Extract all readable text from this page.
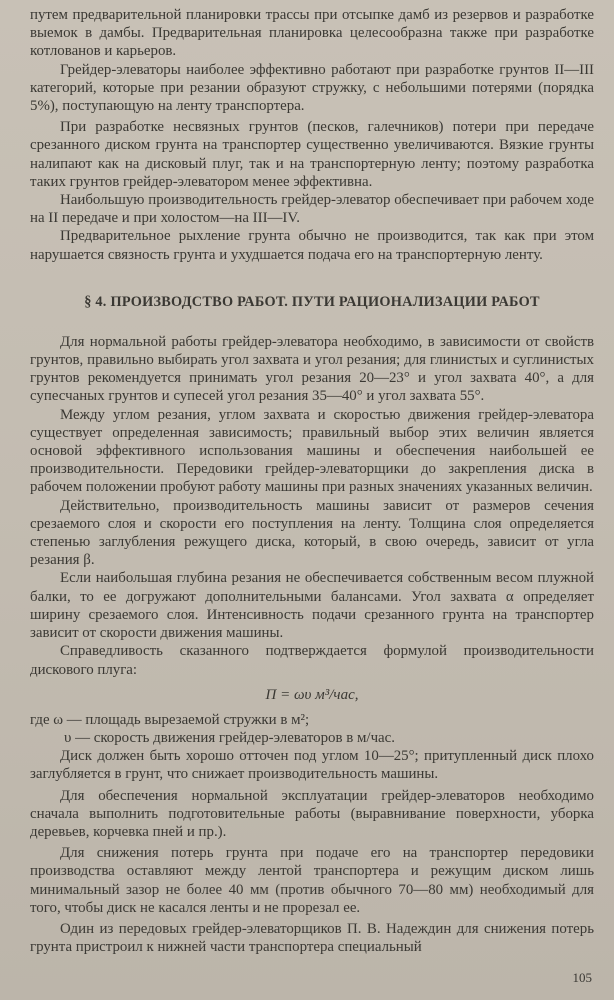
путем предварительной планировки трассы при отсыпке дамб из резервов и разработке выемок в дамбы. Предварительная планировка целесообразна также при разработке котлованов и карьеров.

Грейдер-элеваторы наиболее эффективно работают при разработке грунтов II—III категорий, которые при резании образуют стружку, с небольшими потерями (порядка 5%), поступающую на ленту транспортера.

При разработке несвязных грунтов (песков, галечников) потери при передаче срезанного диском грунта на транспортер существенно увеличиваются. Вязкие грунты налипают как на дисковый плуг, так и на транспортерную ленту; поэтому разработка таких грунтов грейдер-элеватором менее эффективна.

Наибольшую производительность грейдер-элеватор обеспечивает при рабочем ходе на II передаче и при холостом—на III—IV.

Предварительное рыхление грунта обычно не производится, так как при этом нарушается связность грунта и ухудшается подача его на транспортерную ленту.

§ 4. ПРОИЗВОДСТВО РАБОТ. ПУТИ РАЦИОНАЛИЗАЦИИ РАБОТ

Для нормальной работы грейдер-элеватора необходимо, в зависимости от свойств грунтов, правильно выбирать угол захвата и угол резания; для глинистых и суглинистых грунтов рекомендуется принимать угол резания 20—23° и угол захвата 40°, а для супесчаных грунтов и супесей угол резания 35—40° и угол захвата 55°.

Между углом резания, углом захвата и скоростью движения грейдер-элеватора существует определенная зависимость; правильный выбор этих величин является основой эффективного использования машины и обеспечения наибольшей ее производительности. Передовики грейдер-элеваторщики до закрепления диска в рабочем положении пробуют работу машины при разных значениях указанных величин.

Действительно, производительность машины зависит от размеров сечения срезаемого слоя и скорости его поступления на ленту. Толщина слоя определяется степенью заглубления режущего диска, который, в свою очередь, зависит от угла резания β.

Если наибольшая глубина резания не обеспечивается собственным весом плужной балки, то ее догружают дополнительными балансами. Угол захвата α определяет ширину срезаемого слоя. Интенсивность подачи срезанного грунта на транспортер зависит от скорости движения машины.

Справедливость сказанного подтверждается формулой производительности дискового плуга:

П = ωυ м³/час,
где ω — площадь вырезаемой стружки в м²;
υ — скорость движения грейдер-элеваторов в м/час.

Диск должен быть хорошо отточен под углом 10—25°; притупленный диск плохо заглубляется в грунт, что снижает производительность машины.

Для обеспечения нормальной эксплуатации грейдер-элеваторов необходимо сначала выполнить подготовительные работы (выравнивание поверхности, уборка деревьев, корчевка пней и пр.).

Для снижения потерь грунта при подаче его на транспортер передовики производства оставляют между лентой транспортера и режущим диском лишь минимальный зазор не более 40 мм (против обычного 70—80 мм) необходимый для того, чтобы диск не касался ленты и не прорезал ее.

Один из передовых грейдер-элеваторщиков П. В. Надеждин для снижения потерь грунта пристроил к нижней части транспортера специальный

105
